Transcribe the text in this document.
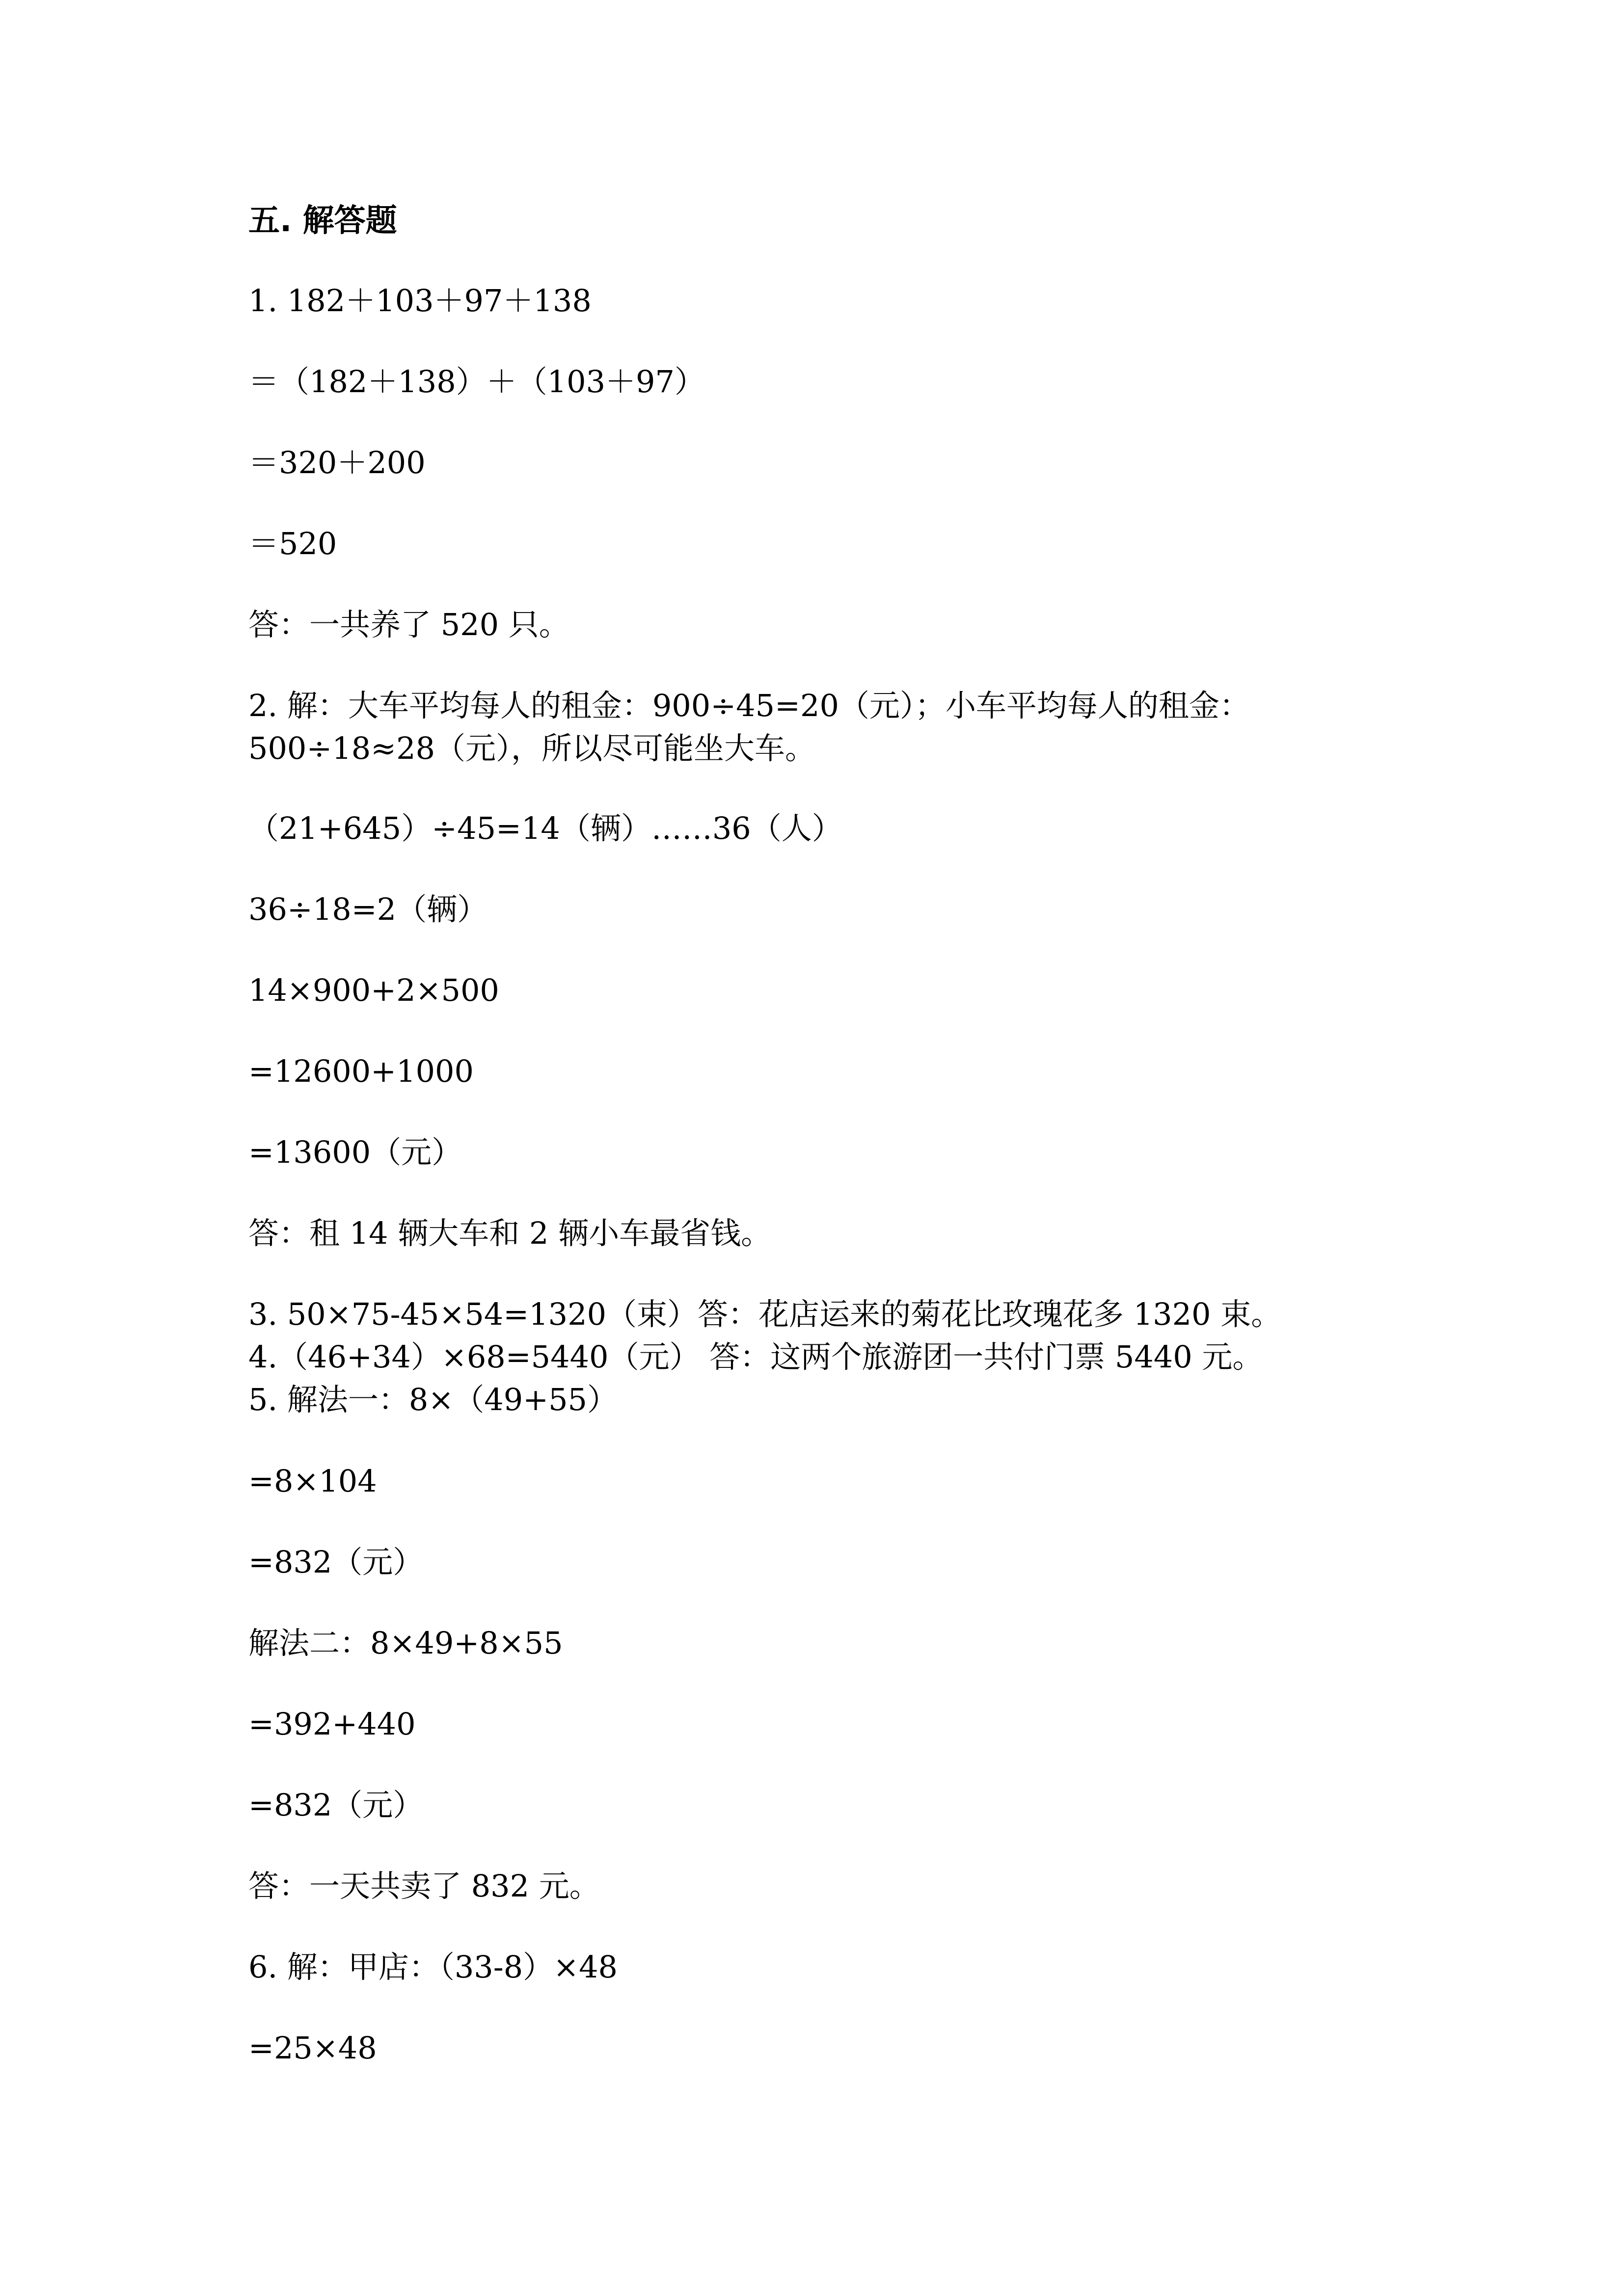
五. 解答题
1. 182＋103＋97＋138
＝（182＋138）＋（103＋97）
＝320＋200
＝520
答：一共养了 520 只。
2. 解：大车平均每人的租金：900÷45=20（元）；小车平均每人的租金：
500÷18≈28（元），所以尽可能坐大车。
（21+645）÷45=14（辆）……36（人）
36÷18=2（辆）
14×900+2×500
=12600+1000
=13600（元）
答：租 14 辆大车和 2 辆小车最省钱。
3. 50×75-45×54=1320（束）答：花店运来的菊花比玫瑰花多 1320 束。
4.（46+34）×68=5440（元） 答：这两个旅游团一共付门票 5440 元。
5. 解法一：8×（49+55）
=8×104
=832（元）
解法二：8×49+8×55
=392+440
=832（元）
答：一天共卖了 832 元。
6. 解：甲店：（33-8）×48
=25×48
